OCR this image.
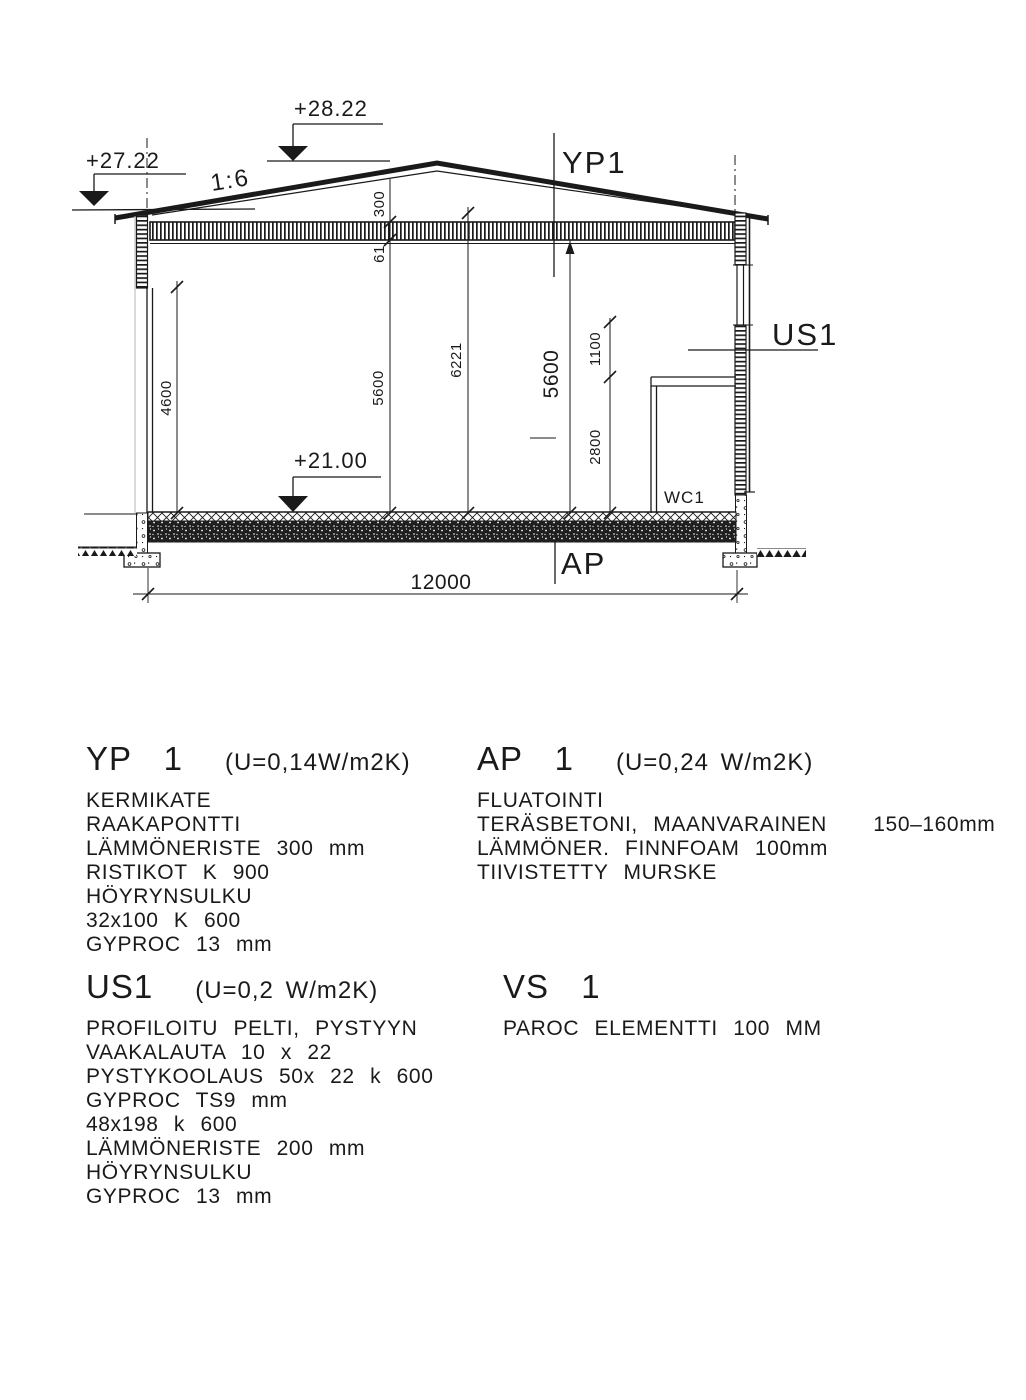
WC1
+28.22
+27.22
+21.00
1:6
YP1
US1
AP
4600
300
61
5600
6221	5600
1100
2800
12000
YP 1 (U=0,14W/m2K)
KERMIKATE
RAAKAPONTTI
LÄMMÖNERISTE 300 mm
RISTIKOT K 900
HÖYRYNSULKU
32x100 K 600
GYPROC 13 mm
AP 1 (U=0,24 W/m2K)
FLUATOINTI
TERÄSBETONI, MAANVARAINEN   150–160mm
LÄMMÖNER. FINNFOAM 100mm
TIIVISTETTY MURSKE
US1 (U=0,2 W/m2K)
PROFILOITU PELTI, PYSTYYN
VAAKALAUTA 10 x 22
PYSTYKOOLAUS 50x 22 k 600
GYPROC TS9 mm
48x198 k 600
LÄMMÖNERISTE 200 mm
HÖYRYNSULKU
GYPROC 13 mm
VS 1
PAROC ELEMENTTI 100 MM
